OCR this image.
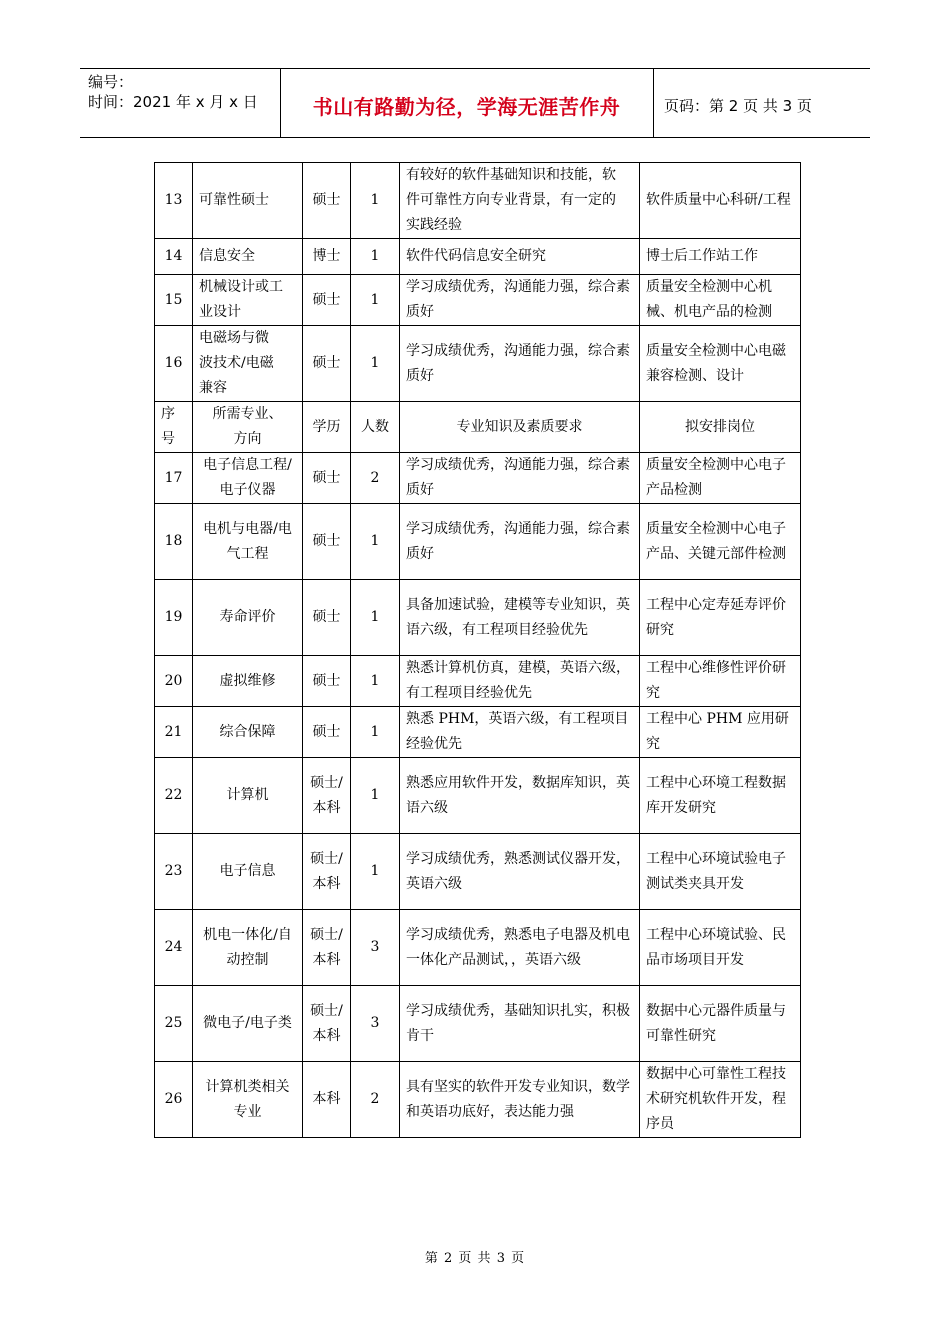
编号：
时间：2021 年 x 月 x 日	书山有路勤为径，学海无涯苦作舟	页码：第 2 页 共 3 页
13	可靠性硕士	硕士	1	有较好的软件基础知识和技能，软件可靠性方向专业背景，有一定的实践经验	软件质量中心科研/工程
14	信息安全	博士	1	软件代码信息安全研究	博士后工作站工作
15	机械设计或工业设计	硕士	1	学习成绩优秀，沟通能力强，综合素质好	质量安全检测中心机械、机电产品的检测
16	电磁场与微波技术/电磁兼容	硕士	1	学习成绩优秀，沟通能力强，综合素质好	质量安全检测中心电磁兼容检测、设计
序号	所需专业、方向	学历	人数	专业知识及素质要求	拟安排岗位
17	电子信息工程/电子仪器	硕士	2	学习成绩优秀，沟通能力强，综合素质好	质量安全检测中心电子产品检测
18	电机与电器/电气工程	硕士	1	学习成绩优秀，沟通能力强，综合素质好	质量安全检测中心电子产品、关键元部件检测
19	寿命评价	硕士	1	具备加速试验，建模等专业知识，英语六级，有工程项目经验优先	工程中心定寿延寿评价研究
20	虚拟维修	硕士	1	熟悉计算机仿真，建模，英语六级，有工程项目经验优先	工程中心维修性评价研究
21	综合保障	硕士	1	熟悉 PHM，英语六级，有工程项目经验优先	工程中心 PHM 应用研究
22	计算机	硕士/本科	1	熟悉应用软件开发，数据库知识，英语六级	工程中心环境工程数据库开发研究
23	电子信息	硕士/本科	1	学习成绩优秀，熟悉测试仪器开发，英语六级	工程中心环境试验电子测试类夹具开发
24	机电一体化/自动控制	硕士/本科	3	学习成绩优秀，熟悉电子电器及机电一体化产品测试，，英语六级	工程中心环境试验、民品市场项目开发
25	微电子/电子类	硕士/本科	3	学习成绩优秀，基础知识扎实，积极肯干	数据中心元器件质量与可靠性研究
26	计算机类相关专业	本科	2	具有坚实的软件开发专业知识，数学和英语功底好，表达能力强	数据中心可靠性工程技术研究机软件开发，程序员
第 2 页 共 3 页
